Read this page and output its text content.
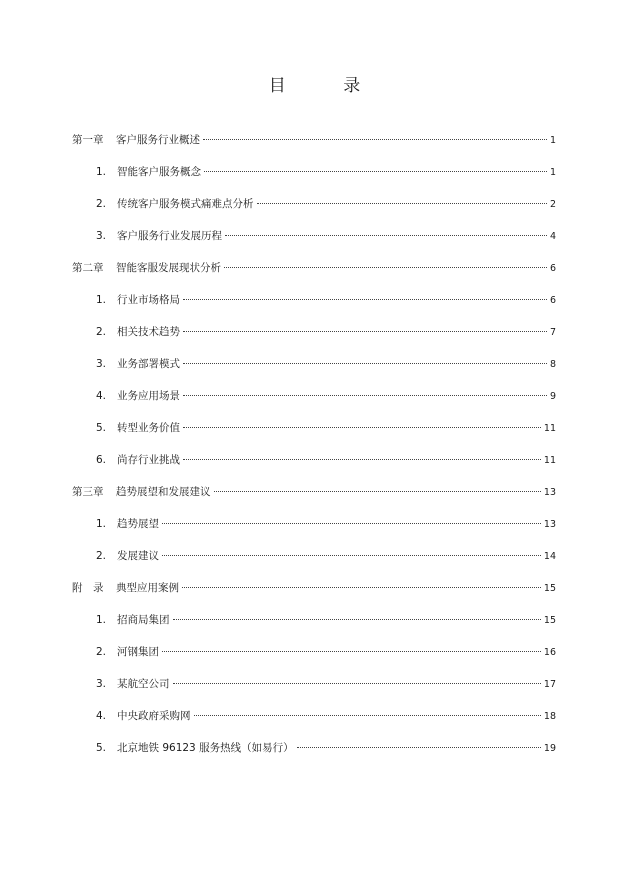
目 录
第一章	客户服务行业概述	1
1.	智能客户服务概念	1
2.	传统客户服务模式痛难点分析	2
3.	客户服务行业发展历程	4
第二章	智能客服发展现状分析	6
1.	行业市场格局	6
2.	相关技术趋势	7
3.	业务部署模式	8
4.	业务应用场景	9
5.	转型业务价值	11
6.	尚存行业挑战	11
第三章	趋势展望和发展建议	13
1.	趋势展望	13
2.	发展建议	14
附　录	典型应用案例	15
1.	招商局集团	15
2.	河钢集团	16
3.	某航空公司	17
4.	中央政府采购网	18
5.	北京地铁 96123 服务热线（如易行）	19
